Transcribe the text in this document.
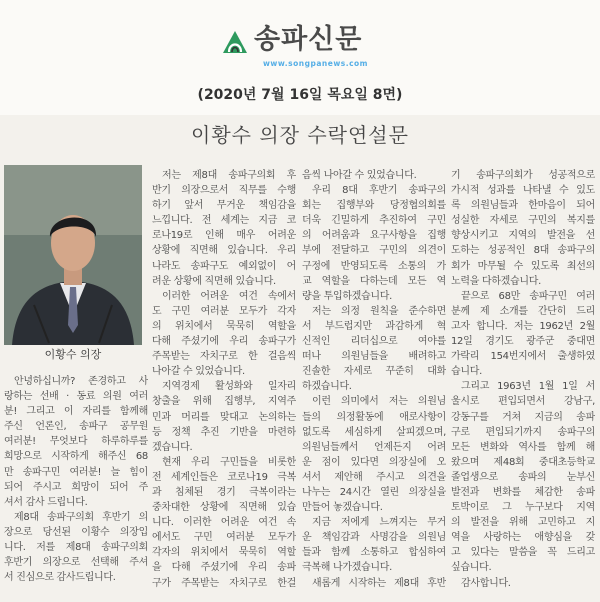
송파신문
www.songpanews.com
(2020년 7월 16일 목요일 8면)
이황수 의장 수락연설문
이황수 의장
안녕하십니까? 존경하고 사
랑하는 선배 · 동료 의원 여러
분! 그리고 이 자리를 함께해
주신 언론인, 송파구 공무원
여러분! 무엇보다 하루하루를
희망으로 시작하게 해주신 68
만 송파구민 여러분! 늘 힘이
되어 주시고 희망이 되어 주
셔서 감사 드립니다.
제8대 송파구의회 후반기 의
장으로 당선된 이황수 의장입
니다. 저를 제8대 송파구의회
후반기 의장으로 선택해 주셔
서 진심으로 감사드립니다.
저는 제8대 송파구의회 후
반기 의장으로서 직무를 수행
하기 앞서 무거운 책임감을
느낍니다. 전 세계는 지금 코
로나19로 인해 매우 어려운
상황에 직면해 있습니다. 우리
나라도 송파구도 예외없이 어
려운 상황에 직면해 있습니다.
이러한 어려운 여건 속에서
도 구민 여러분 모두가 각자
의 위치에서 묵묵히 역할을
다해 주셨기에 우리 송파구가
주목받는 자치구로 한 걸음씩
나아갈 수 있었습니다.
지역경제 활성화와 일자리
창출을 위해 집행부, 지역주
민과 머리를 맞대고 논의하는
등 정책 추진 기반을 마련하
겠습니다.
현재 우리 구민들을 비롯한
전 세계인들은 코로나19 극복
과 침체된 경기 극복이라는
중차대한 상황에 직면해 있습
니다. 이러한 어려운 여건 속
에서도 구민 여러분 모두가
각자의 위치에서 묵묵히 역할
을 다해 주셨기에 우리 송파
구가 주목받는 자치구로 한걸
음씩 나아갈 수 있었습니다.
우리 8대 후반기 송파구의
회는 집행부와 당정협의회를
더욱 긴밀하게 추진하여 구민
의 어려움과 요구사항을 집행
부에 전달하고 구민의 의견이
구정에 반영되도록 소통의 가
교 역할을 다하는데 모든 역
량을 투입하겠습니다.
저는 의정 원칙을 준수하면
서 부드럽지만 과감하게 혁
신적인 리더십으로 여야를
떠나 의원님들을 배려하고
진솔한 자세로 꾸준히 대화
하겠습니다.
이런 의미에서 저는 의원님
들의 의정활동에 애로사항이
없도록 세심하게 살피겠으며,
의원님들께서 언제든지 어려
운 점이 있다면 의장실에 오
셔서 제안해 주시고 의견을
나누는 24시간 열린 의장실을
만들어 놓겠습니다.
지금 저에게 느껴지는 무거
운 책임감과 사명감을 의원님
들과 함께 소통하고 합심하여
극복해 나가겠습니다.
새롭게 시작하는 제8대 후반
기 송파구의회가 성공적으로
가시적 성과를 나타낼 수 있도
록 의원님들과 한마음이 되어
성실한 자세로 구민의 복지를
향상시키고 지역의 발전을 선
도하는 성공적인 8대 송파구의
회가 마무될 수 있도록 최선의
노력을 다하겠습니다.
끝으로 68만 송파구민 여러
분께 제 소개를 간단히 드리
고자 합니다. 저는 1962년 2월
12일 경기도 광주군 중대면
가락리 154번지에서 출생하였
습니다.
그리고 1963년 1월 1일 서
울시로 편입되면서 강남구,
강동구를 거쳐 지금의 송파
구로 편입되기까지 송파구의
모든 변화와 역사를 함께 해
왔으며 제48회 중대초등학교
졸업생으로 송파의 눈부신
발전과 변화를 체감한 송파
토박이로 그 누구보다 지역
의 발전을 위해 고민하고 지
역을 사랑하는 애향심을 갖
고 있다는 말씀을 꼭 드리고
싶습니다.
감사합니다.
